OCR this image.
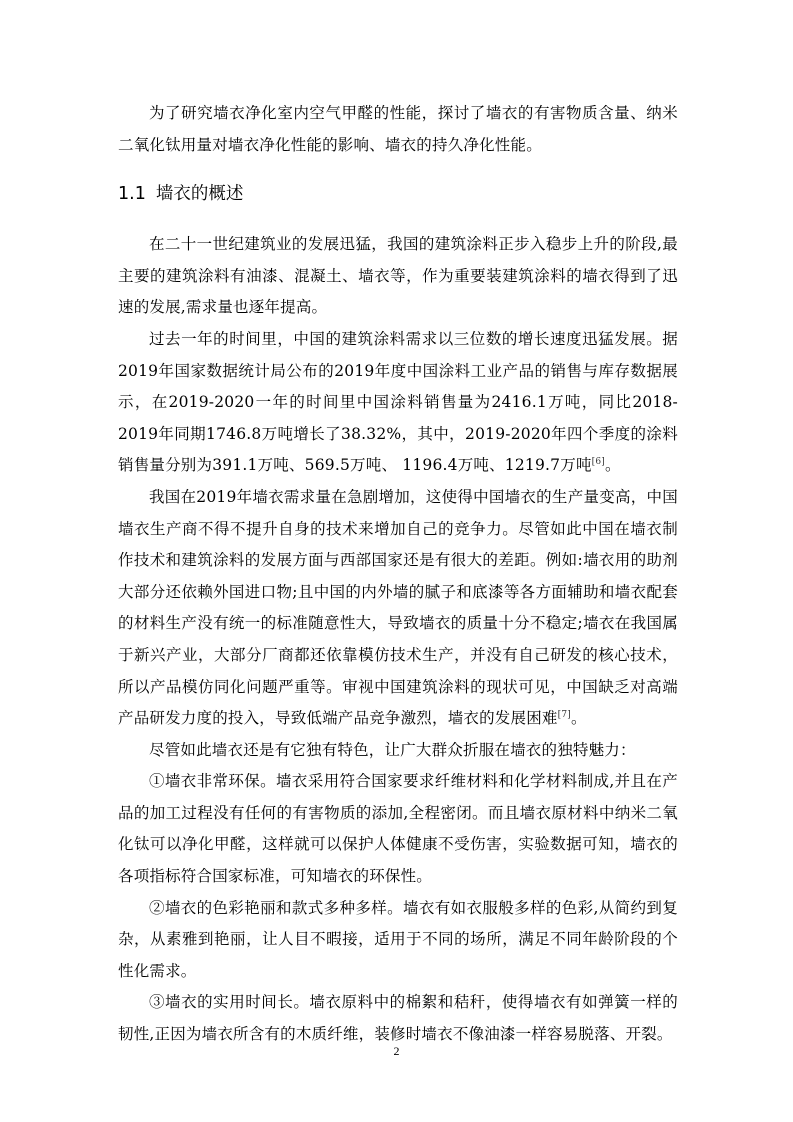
为了研究墙衣净化室内空气甲醛的性能，探讨了墙衣的有害物质含量、纳米二氧化钛用量对墙衣净化性能的影响、墙衣的持久净化性能。

1.1 墙衣的概述

在二十一世纪建筑业的发展迅猛，我国的建筑涂料正步入稳步上升的阶段,最主要的建筑涂料有油漆、混凝土、墙衣等，作为重要装建筑涂料的墙衣得到了迅速的发展,需求量也逐年提高。

过去一年的时间里，中国的建筑涂料需求以三位数的增长速度迅猛发展。据2019年国家数据统计局公布的2019年度中国涂料工业产品的销售与库存数据展示，在2019-2020一年的时间里中国涂料销售量为2416.1万吨，同比2018-2019年同期1746.8万吨增长了38.32%，其中，2019-2020年四个季度的涂料销售量分别为391.1万吨、569.5万吨、 1196.4万吨、1219.7万吨[6]。

我国在2019年墙衣需求量在急剧增加，这使得中国墙衣的生产量变高，中国墙衣生产商不得不提升自身的技术来增加自己的竞争力。尽管如此中国在墙衣制作技术和建筑涂料的发展方面与西部国家还是有很大的差距。例如:墙衣用的助剂大部分还依赖外国进口物;且中国的内外墙的腻子和底漆等各方面辅助和墙衣配套的材料生产没有统一的标准随意性大，导致墙衣的质量十分不稳定;墙衣在我国属于新兴产业，大部分厂商都还依靠模仿技术生产，并没有自己研发的核心技术，所以产品模仿同化问题严重等。审视中国建筑涂料的现状可见，中国缺乏对高端产品研发力度的投入，导致低端产品竞争激烈，墙衣的发展困难[7]。

尽管如此墙衣还是有它独有特色，让广大群众折服在墙衣的独特魅力：

①墙衣非常环保。墙衣采用符合国家要求纤维材料和化学材料制成,并且在产品的加工过程没有任何的有害物质的添加,全程密闭。而且墙衣原材料中纳米二氧化钛可以净化甲醛，这样就可以保护人体健康不受伤害，实验数据可知，墙衣的各项指标符合国家标准，可知墙衣的环保性。

②墙衣的色彩艳丽和款式多种多样。墙衣有如衣服般多样的色彩,从简约到复杂，从素雅到艳丽，让人目不暇接，适用于不同的场所，满足不同年龄阶段的个性化需求。

③墙衣的实用时间长。墙衣原料中的棉絮和秸秆，使得墙衣有如弹簧一样的韧性,正因为墙衣所含有的木质纤维，装修时墙衣不像油漆一样容易脱落、开裂。

2
